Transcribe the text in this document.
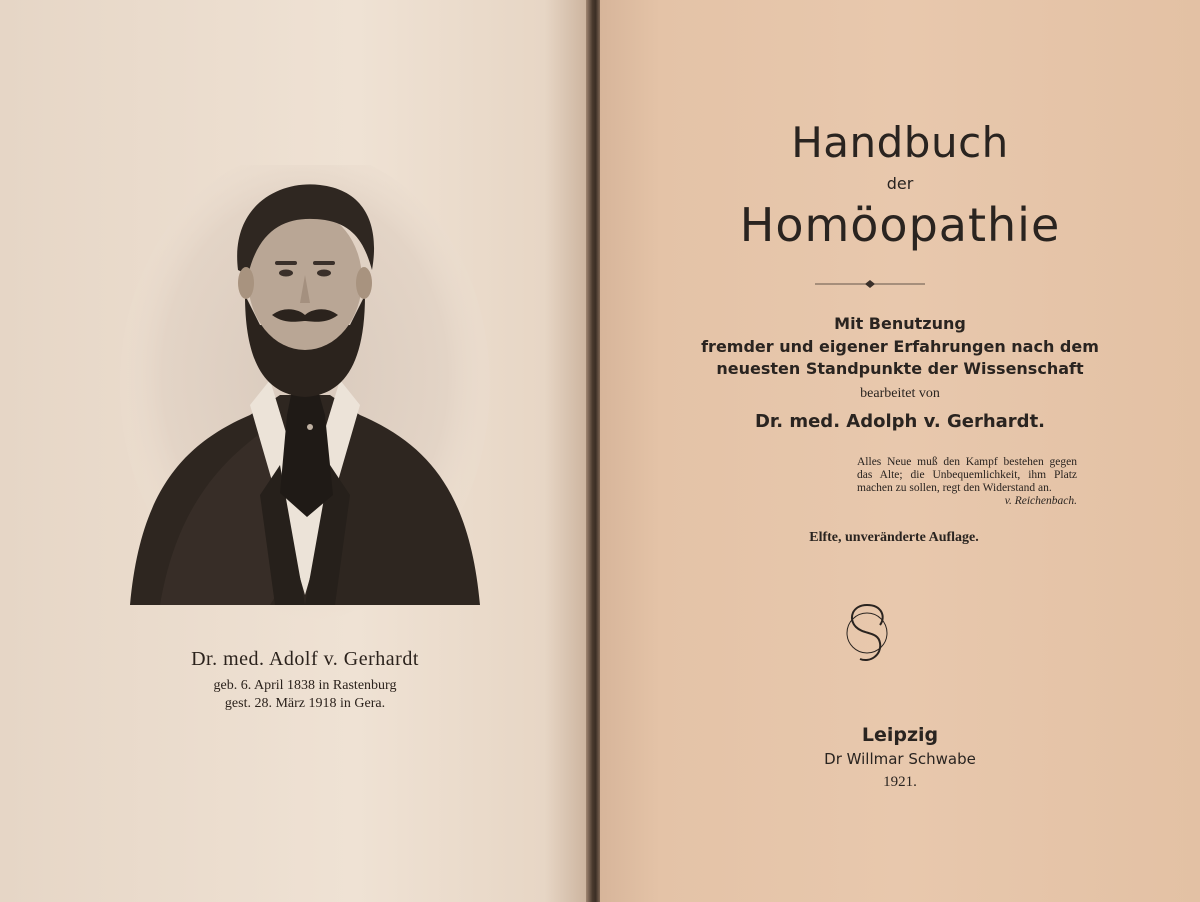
Dr. med. Adolf v. Gerhardt
geb. 6. April 1838 in Rastenburg
gest. 28. März 1918 in Gera.
Handbuch
der
Homöopathie
Mit Benutzung
fremder und eigener Erfahrungen nach dem
neuesten Standpunkte der Wissenschaft
bearbeitet von
Dr. med. Adolph v. Gerhardt.
Alles Neue muß den Kampf bestehen gegen das Alte; die Unbequemlichkeit, ihm Platz machen zu sollen, regt den Widerstand an.
v. Reichenbach.
Elfte, unveränderte Auflage.
Leipzig
Dr Willmar Schwabe
1921.
